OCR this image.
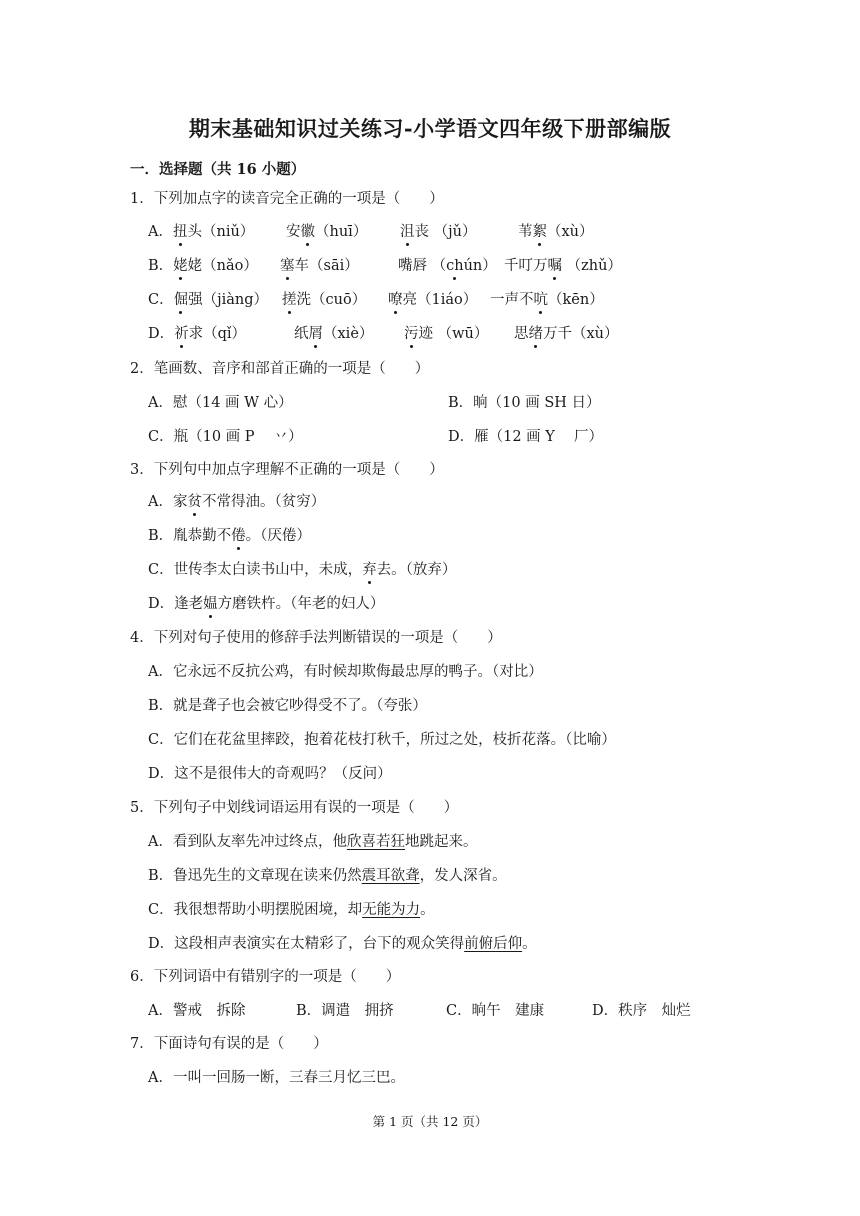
期末基础知识过关练习-小学语文四年级下册部编版
一．选择题（共 16 小题）
1．下列加点字的读音完全正确的一项是（　　）
A．扭头（niǔ） 安徽（huī） 沮丧 （jǔ）	苇絮（xù）
B．姥姥（nǎo） 塞车（sāi）	嘴唇 （chún） 千叮万嘱 （zhǔ）
C．倔强（jiàng） 搓洗（cuō） 嘹亮（1iáo） 一声不吭（kēn）
D．祈求（qǐ）	纸屑（xiè） 污迹 （wū） 思绪万千（xù）
2．笔画数、音序和部首正确的一项是（　　）
A．慰（14 画 W 心）	B．晌（10 画 SH 日）
C．瓶（10 画 P 　丷）	D．雁（12 画 Y 　厂）
3．下列句中加点字理解不正确的一项是（　　）
A．家贫不常得油。（贫穷）
B．胤恭勤不倦。（厌倦）
C．世传李太白读书山中，未成，弃去。（放弃）
D．逢老媪方磨铁杵。（年老的妇人）
4．下列对句子使用的修辞手法判断错误的一项是（　　）
A．它永远不反抗公鸡，有时候却欺侮最忠厚的鸭子。（对比）
B．就是聋子也会被它吵得受不了。（夸张）
C．它们在花盆里摔跤，抱着花枝打秋千，所过之处，枝折花落。（比喻）
D．这不是很伟大的奇观吗？（反问）
5．下列句子中划线词语运用有误的一项是（　　）
A．看到队友率先冲过终点，他欣喜若狂地跳起来。
B．鲁迅先生的文章现在读来仍然震耳欲聋，发人深省。
C．我很想帮助小明摆脱困境，却无能为力。
D．这段相声表演实在太精彩了，台下的观众笑得前俯后仰。
6．下列词语中有错别字的一项是（　　）
A．警戒　拆除	B．调遣　拥挤	C．晌午　建康	D．秩序　灿烂
7．下面诗句有误的是（　　）
A．一叫一回肠一断，三春三月忆三巴。
第 1 页（共 12 页）
